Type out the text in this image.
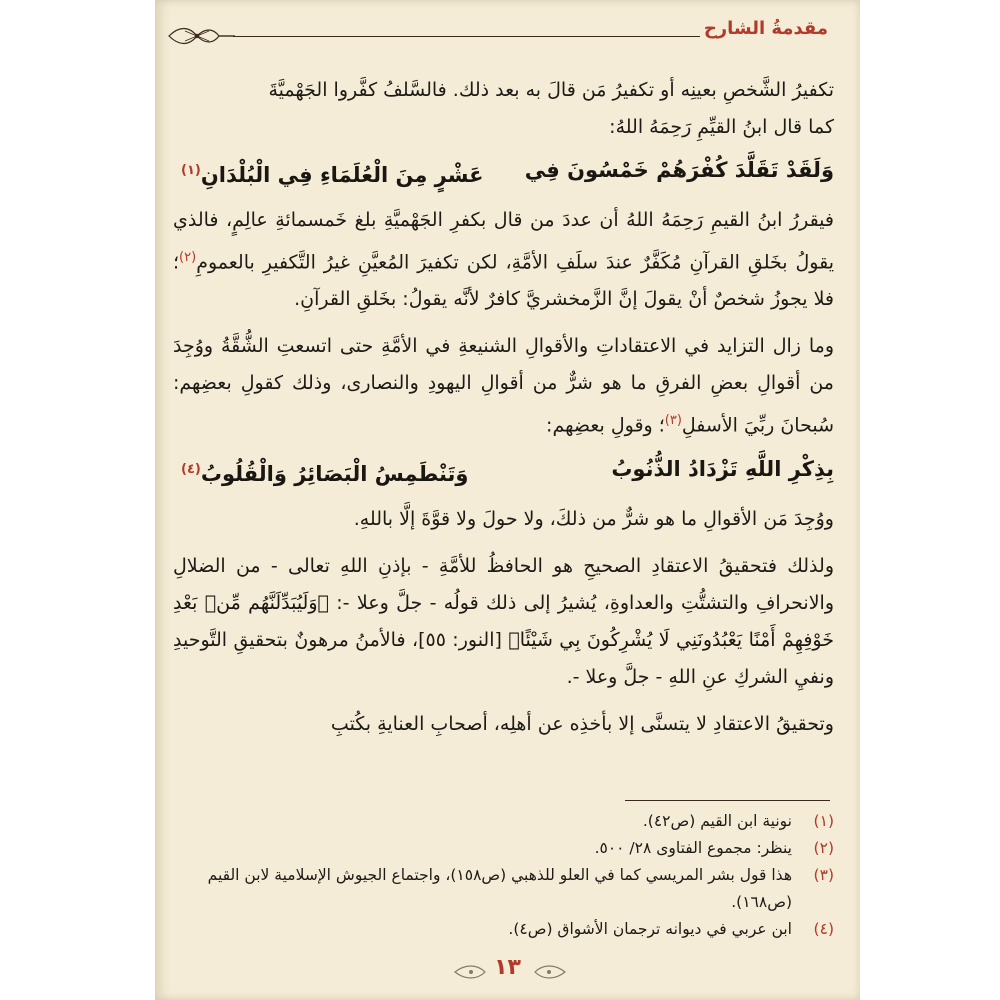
مقدمةُ الشارح

تكفيرُ الشَّخصِ بعينِه أو تكفيرُ مَن قالَ به بعد ذلك. فالسَّلفُ كفَّروا الجَهْميَّةَ
كما قال ابنُ القيِّمِ رَحِمَهُ اللهُ:

وَلَقَدْ تَقَلَّدَ كُفْرَهُمْ خَمْسُونَ فِي
عَشْرٍ مِنَ الْعُلَمَاءِ فِي الْبُلْدَانِ$^{(١)}$

فيقررُ ابنُ القيمِ رَحِمَهُ اللهُ أن عددَ من قال بكفرِ الجَهْميَّةِ بلغ خَمسمائةِ عالِمٍ، فالذي يقولُ بخَلقِ القرآنِ مُكَفَّرٌ عندَ سلَفِ الأمَّةِ، لكن تكفيرَ المُعيَّنِ غيرُ التَّكفيرِ بالعمومِ$^{(٢)}$؛ فلا يجوزُ شخصٌ أنْ يقولَ إنَّ الزَّمخشريَّ كافرٌ لأنَّه يقولُ: بخَلقِ القرآنِ.

وما زال التزايد في الاعتقاداتِ والأقوالِ الشنيعةِ في الأمَّةِ حتى اتسعتِ الشُّقَّةُ ووُجِدَ من أقوالِ بعضِ الفرقِ ما هو شرٌّ من أقوالِ اليهودِ والنصارى، وذلك كقولِ بعضِهم: سُبحانَ ربِّيَ الأسفلِ$^{(٣)}$؛ وقولِ بعضِهم:

بِذِكْرِ اللَّهِ تَزْدَادُ الذُّنُوبُ
وَتَنْطَمِسُ الْبَصَائِرُ وَالْقُلُوبُ$^{(٤)}$

ووُجِدَ مَن الأقوالِ ما هو شرٌّ من ذلكَ، ولا حولَ ولا قوَّةَ إلَّا باللهِ.

ولذلك فتحقيقُ الاعتقادِ الصحيحِ هو الحافظُ للأمَّةِ - بإذنِ اللهِ تعالى - من الضلالِ والانحرافِ والتشتُّتِ والعداوةِ، يُشيرُ إلى ذلك قولُه - جلَّ وعلا -: ﴿وَلَيُبَدِّلَنَّهُم مِّنۢ بَعْدِ خَوْفِهِمْ أَمْنًا يَعْبُدُونَنِي لَا يُشْرِكُونَ بِي شَيْئًا﴾ [النور: ٥٥]، فالأمنُ مرهونٌ بتحقيقِ التَّوحيدِ ونفيِ الشركِ عنِ اللهِ - جلَّ وعلا -.

وتحقيقُ الاعتقادِ لا يتسنَّى إلا بأخذِه عن أهلِه، أصحابِ العنايةِ بكُتبِ

(١)
نونية ابن القيم (ص٤٢).
(٢)
ينظر: مجموع الفتاوى ٢٨/ ٥٠٠.
(٣)
هذا قول بشر المريسي كما في العلو للذهبي (ص١٥٨)، واجتماع الجيوش الإسلامية لابن القيم (ص١٦٨).
(٤)
ابن عربي في ديوانه ترجمان الأشواق (ص٤).
١٣
